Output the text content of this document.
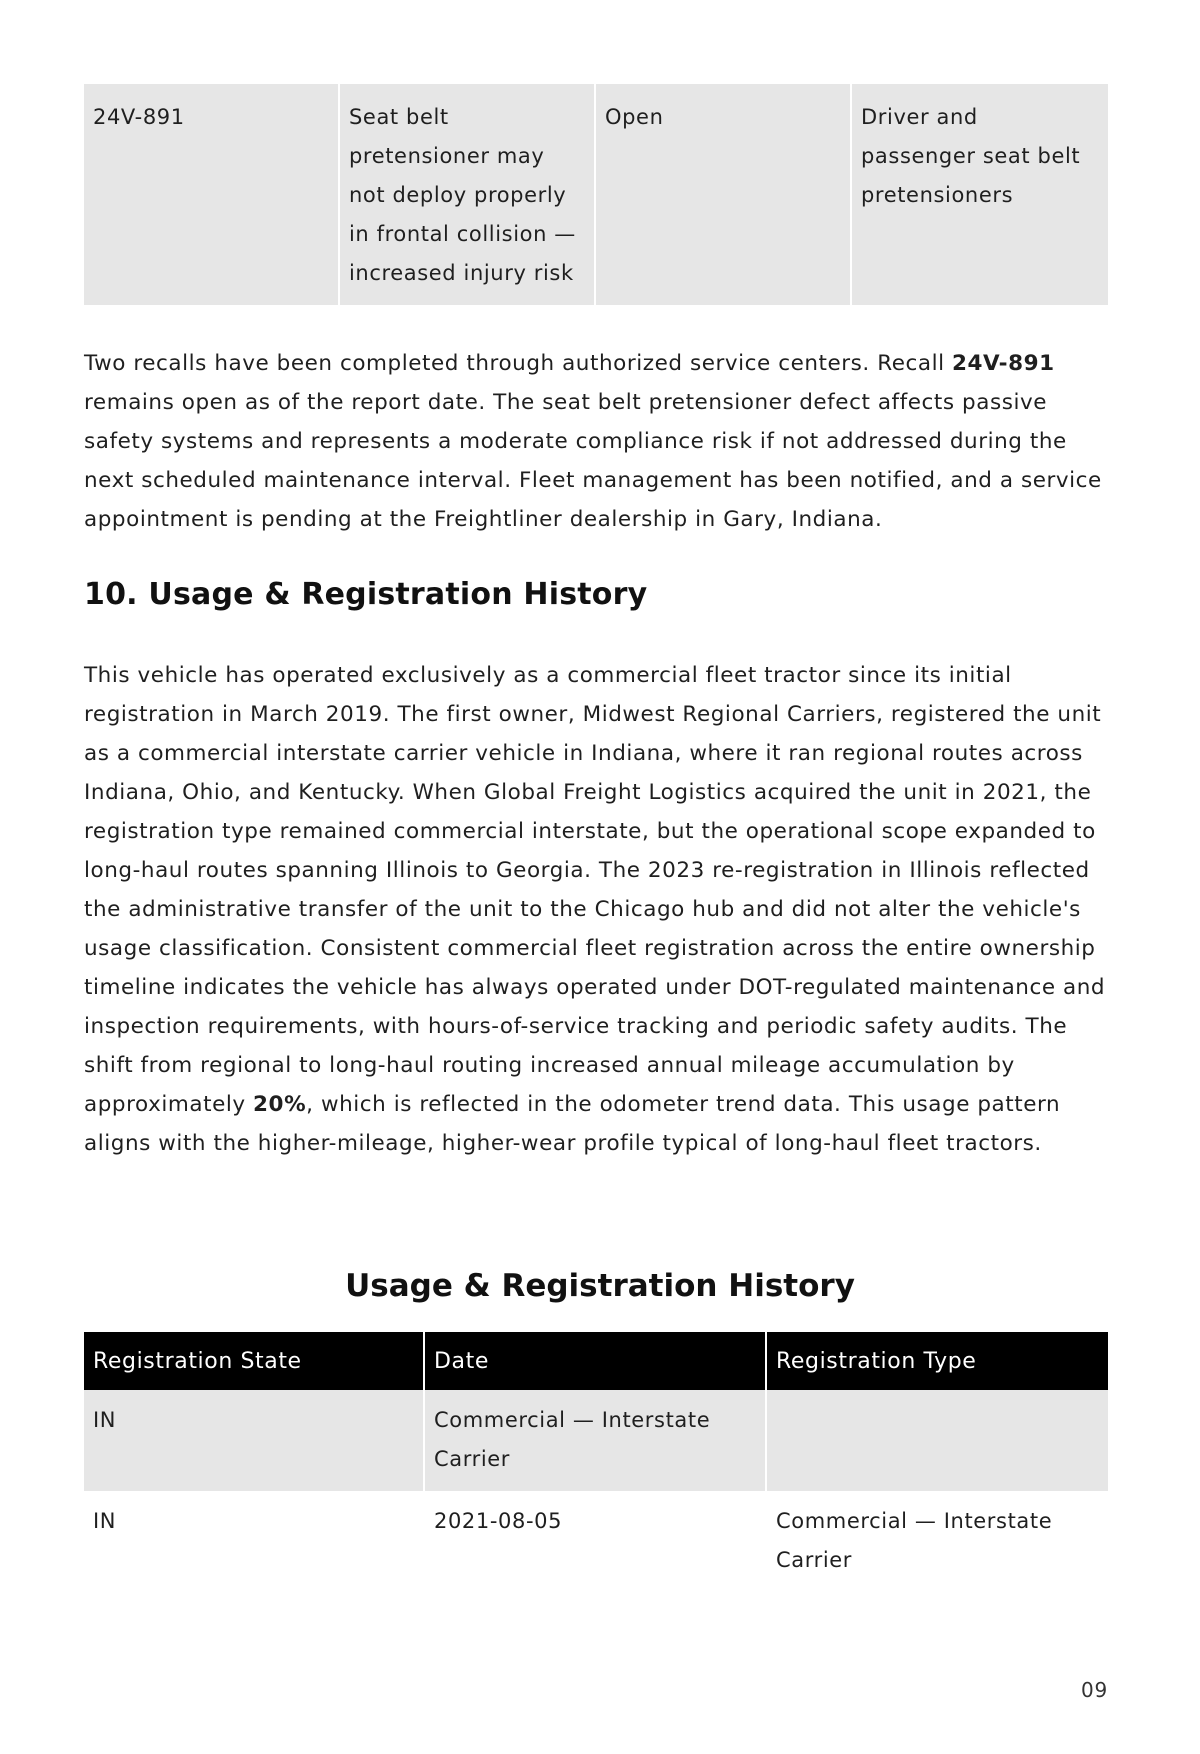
24V-891	Seat belt pretensioner may not deploy properly in frontal collision — increased injury risk	Open	Driver and passenger seat belt pretensioners

Two recalls have been completed through authorized service centers. Recall 24V-891 remains open as of the report date. The seat belt pretensioner defect affects passive safety systems and represents a moderate compliance risk if not addressed during the next scheduled maintenance interval. Fleet management has been notified, and a service appointment is pending at the Freightliner dealership in Gary, Indiana.

10. Usage & Registration History

This vehicle has operated exclusively as a commercial fleet tractor since its initial registration in March 2019. The first owner, Midwest Regional Carriers, registered the unit as a commercial interstate carrier vehicle in Indiana, where it ran regional routes across Indiana, Ohio, and Kentucky. When Global Freight Logistics acquired the unit in 2021, the registration type remained commercial interstate, but the operational scope expanded to long-haul routes spanning Illinois to Georgia. The 2023 re-registration in Illinois reflected the administrative transfer of the unit to the Chicago hub and did not alter the vehicle's usage classification. Consistent commercial fleet registration across the entire ownership timeline indicates the vehicle has always operated under DOT-regulated maintenance and inspection requirements, with hours-of-service tracking and periodic safety audits. The shift from regional to long-haul routing increased annual mileage accumulation by approximately 20%, which is reflected in the odometer trend data. This usage pattern aligns with the higher-mileage, higher-wear profile typical of long-haul fleet tractors.

Usage & Registration History
Registration State	Date	Registration Type
IN	Commercial — Interstate Carrier	
IN	2021-08-05	Commercial — Interstate Carrier
09
